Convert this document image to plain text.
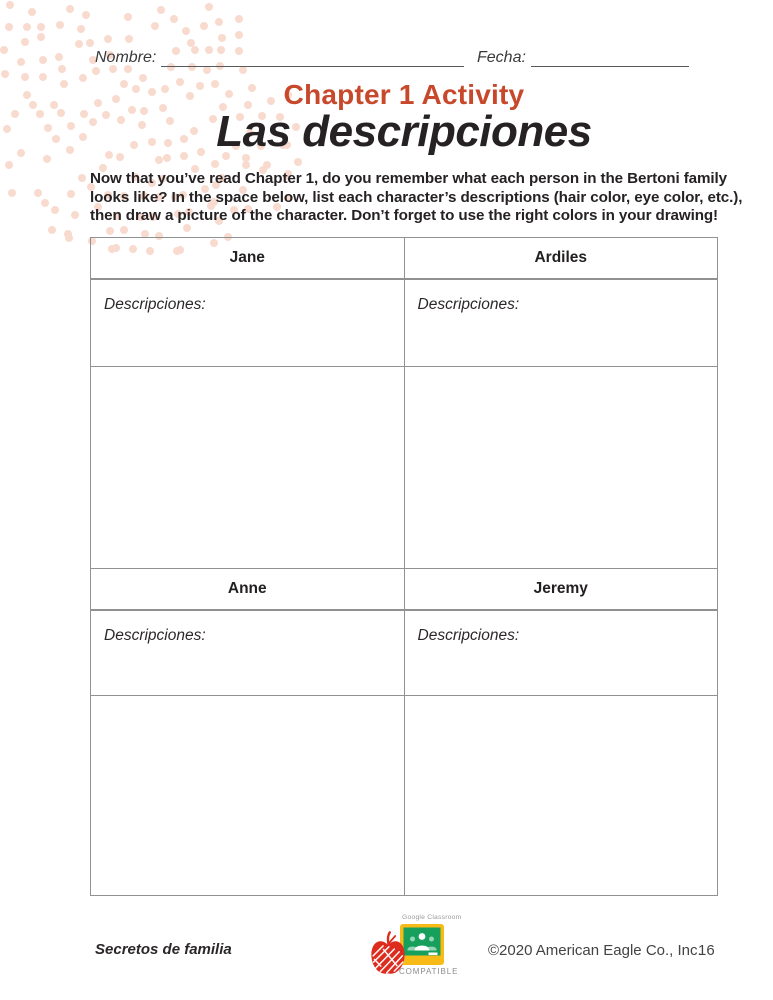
Nombre:	Fecha:
Chapter 1 Activity
Las descripciones
Now that you’ve read Chapter 1, do you remember what each person in the Bertoni family
looks like? In the space below, list each character’s descriptions (hair color, eye color, etc.),
then draw a picture of the character. Don’t forget to use the right colors in your drawing!
Jane	Ardiles
Descripciones:	Descripciones:

Anne	Jeremy
Descripciones:	Descripciones:

Secretos de familia
Google Classroom
COMPATIBLE
©2020 American Eagle Co., Inc.
16
